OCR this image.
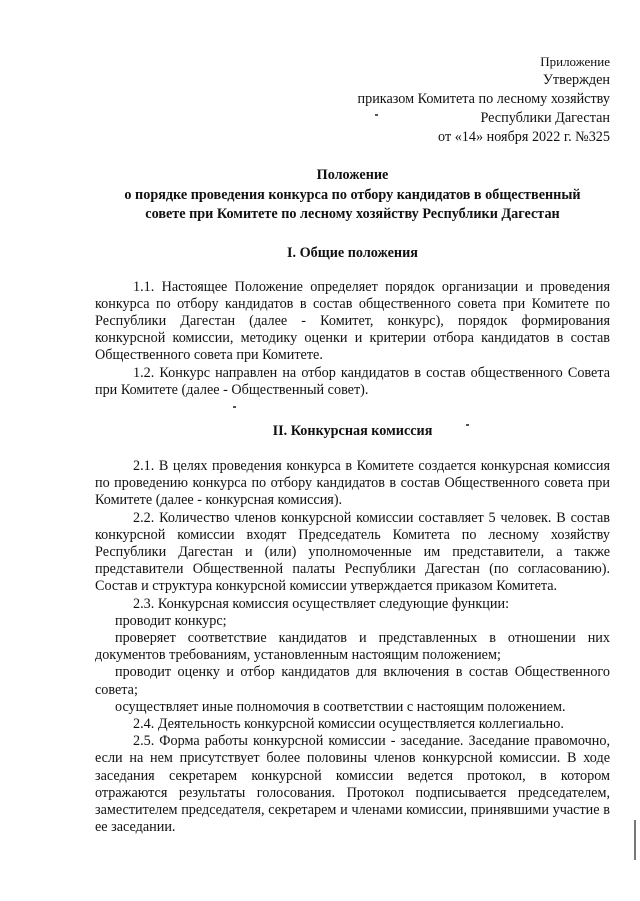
Приложение
Утвержден
приказом Комитета по лесному хозяйству
Республики Дагестан
от «14» ноября 2022 г. №325
Положение
о порядке проведения конкурса по отбору кандидатов в общественный
совете при Комитете по лесному хозяйству Республики Дагестан
I. Общие положения

1.1. Настоящее Положение определяет порядок организации и проведения конкурса по отбору кандидатов в состав общественного совета при Комитете по Республики Дагестан (далее - Комитет, конкурс), порядок формирования конкурсной комиссии, методику оценки и критерии отбора кандидатов в состав Общественного совета при Комитете.

1.2. Конкурс направлен на отбор кандидатов в состав общественного Совета при Комитете (далее - Общественный совет).

II. Конкурсная комиссия

2.1. В целях проведения конкурса в Комитете создается конкурсная комиссия по проведению конкурса по отбору кандидатов в состав Общественного совета при Комитете (далее - конкурсная комиссия).

2.2. Количество членов конкурсной комиссии составляет 5 человек. В состав конкурсной комиссии входят Председатель Комитета по лесному хозяйству Республики Дагестан и (или) уполномоченные им представители, а также представители Общественной палаты Республики Дагестан (по согласованию). Состав и структура конкурсной комиссии утверждается приказом Комитета.

2.3. Конкурсная комиссия осуществляет следующие функции:

проводит конкурс;

проверяет соответствие кандидатов и представленных в отношении них документов требованиям, установленным настоящим положением;

проводит оценку и отбор кандидатов для включения в состав Общественного совета;

осуществляет иные полномочия в соответствии с настоящим положением.

2.4. Деятельность конкурсной комиссии осуществляется коллегиально.

2.5. Форма работы конкурсной комиссии - заседание. Заседание правомочно, если на нем присутствует более половины членов конкурсной комиссии. В ходе заседания секретарем конкурсной комиссии ведется протокол, в котором отражаются результаты голосования. Протокол подписывается председателем, заместителем председателя, секретарем и членами комиссии, принявшими участие в ее заседании.
